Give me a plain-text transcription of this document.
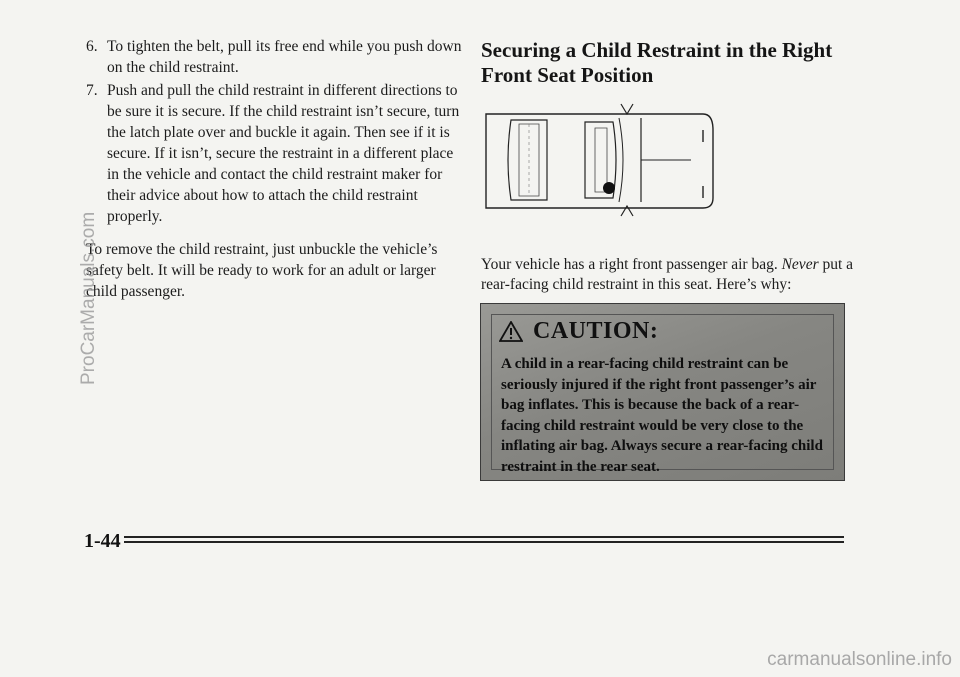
6. To tighten the belt, pull its free end while you push down on the child restraint.
7. Push and pull the child restraint in different directions to be sure it is secure. If the child restraint isn’t secure, turn the latch plate over and buckle it again. Then see if it is secure. If it isn’t, secure the restraint in a different place in the vehicle and contact the child restraint maker for their advice about how to attach the child restraint properly.
To remove the child restraint, just unbuckle the vehicle’s safety belt. It will be ready to work for an adult or larger child passenger.
Securing a Child Restraint in the Right Front Seat Position
Your vehicle has a right front passenger air bag. Never put a rear-facing child restraint in this seat. Here’s why:
CAUTION:
A child in a rear-facing child restraint can be seriously injured if the right front passenger’s air bag inflates. This is because the back of a rear-facing child restraint would be very close to the inflating air bag. Always secure a rear-facing child restraint in the rear seat.
1-44
ProCarManuals.com
carmanualsonline.info
